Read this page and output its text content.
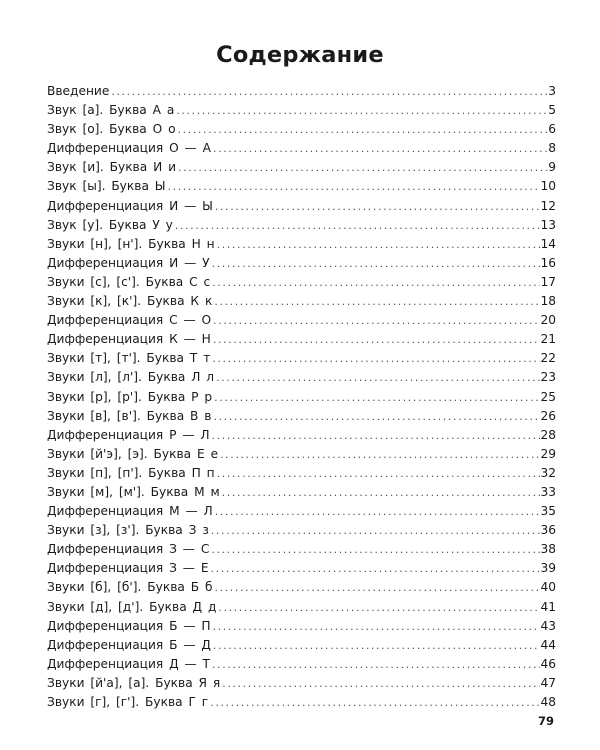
Содержание
Введение .....	3
Звук [а]. Буква А а .....	5
Звук [о]. Буква О о .....	6
Дифференциация О — А .....	8
Звук [и]. Буква И и .....	9
Звук [ы]. Буква Ы .....	10
Дифференциация И — Ы .....	12
Звук [у]. Буква У у .....	13
Звуки [н], [н']. Буква Н н .....	14
Дифференциация И — У .....	16
Звуки [с], [с']. Буква С с .....	17
Звуки [к], [к']. Буква К к .....	18
Дифференциация С — О .....	20
Дифференциация К — Н .....	21
Звуки [т], [т']. Буква Т т .....	22
Звуки [л], [л']. Буква Л л .....	23
Звуки [р], [р']. Буква Р р .....	25
Звуки [в], [в']. Буква В в .....	26
Дифференциация Р — Л .....	28
Звуки [й'э], [э]. Буква Е е .....	29
Звуки [п], [п']. Буква П п .....	32
Звуки [м], [м']. Буква М м .....	33
Дифференциация М — Л .....	35
Звуки [з], [з']. Буква З з .....	36
Дифференциация З — С .....	38
Дифференциация З — Е .....	39
Звуки [б], [б']. Буква Б б .....	40
Звуки [д], [д']. Буква Д д .....	41
Дифференциация Б — П .....	43
Дифференциация Б — Д .....	44
Дифференциация Д — Т .....	46
Звуки [й'а], [а]. Буква Я я .....	47
Звуки [г], [г']. Буква Г г .....	48
79
